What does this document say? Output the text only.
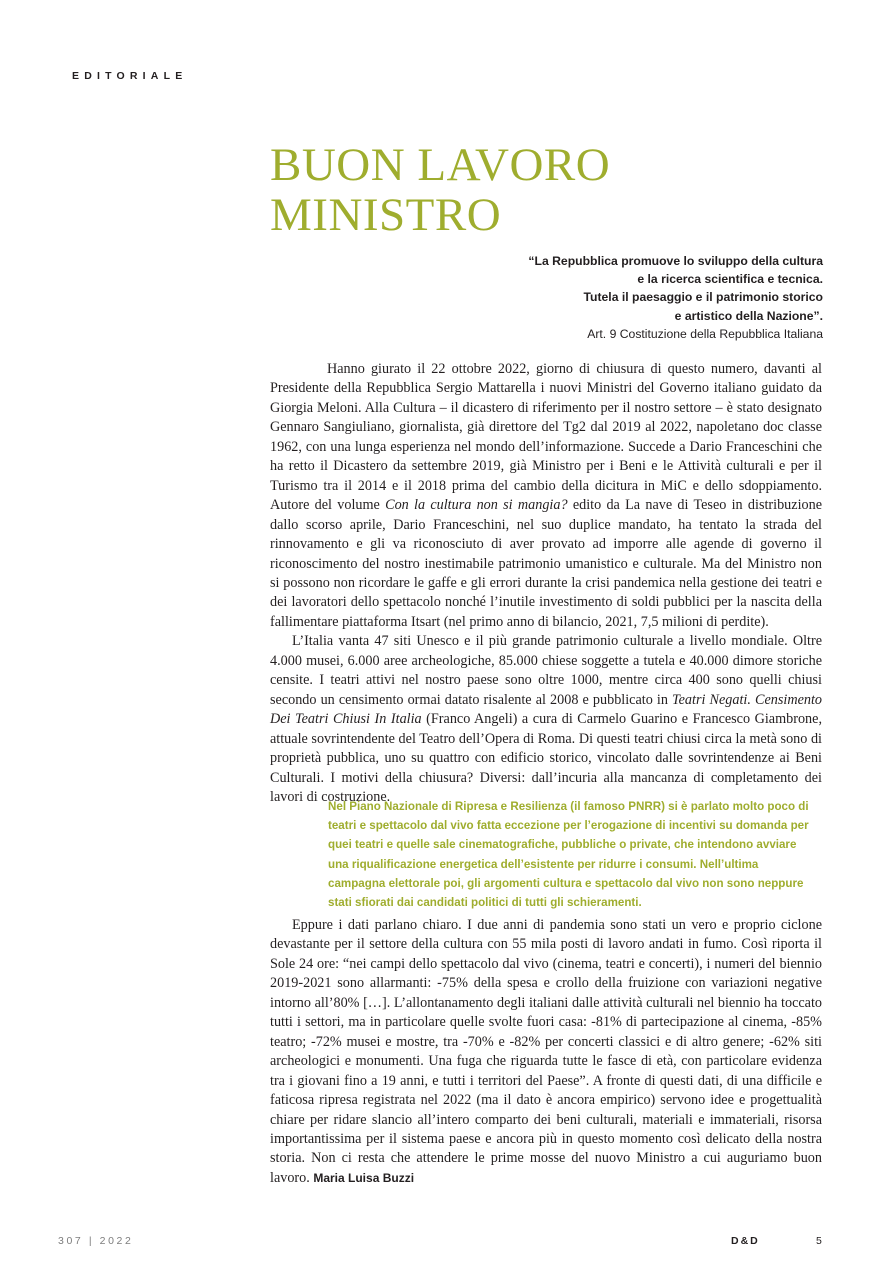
EDITORIALE
BUON LAVORO
MINISTRO
“La Repubblica promuove lo sviluppo della cultura
e la ricerca scientifica e tecnica.
Tutela il paesaggio e il patrimonio storico
e artistico della Nazione”.
Art. 9 Costituzione della Repubblica Italiana

Hanno giurato il 22 ottobre 2022, giorno di chiusura di questo numero, davanti al Presidente della Repubblica Sergio Mattarella i nuovi Ministri del Governo italiano guidato da Giorgia Meloni. Alla Cultura – il dicastero di riferimento per il nostro settore – è stato designato Gennaro Sangiuliano, giornalista, già direttore del Tg2 dal 2019 al 2022, napoletano doc classe 1962, con una lunga esperienza nel mondo dell’informazione. Succede a Dario Franceschini che ha retto il Dicastero da settembre 2019, già Ministro per i Beni e le Attività culturali e per il Turismo tra il 2014 e il 2018 prima del cambio della dicitura in MiC e dello sdoppiamento. Autore del volume Con la cultura non si mangia? edito da La nave di Teseo in distribuzione dallo scorso aprile, Dario Franceschini, nel suo duplice mandato, ha tentato la strada del rinnovamento e gli va riconosciuto di aver provato ad imporre alle agende di governo il riconoscimento del nostro inestimabile patrimonio umanistico e culturale. Ma del Ministro non si possono non ricordare le gaffe e gli errori durante la crisi pandemica nella gestione dei teatri e dei lavoratori dello spettacolo nonché l’inutile investimento di soldi pubblici per la nascita della fallimentare piattaforma Itsart (nel primo anno di bilancio, 2021, 7,5 milioni di perdite).

L’Italia vanta 47 siti Unesco e il più grande patrimonio culturale a livello mondiale. Oltre 4.000 musei, 6.000 aree archeologiche, 85.000 chiese soggette a tutela e 40.000 dimore storiche censite. I teatri attivi nel nostro paese sono oltre 1000, mentre circa 400 sono quelli chiusi secondo un censimento ormai datato risalente al 2008 e pubblicato in Teatri Negati. Censimento Dei Teatri Chiusi In Italia (Franco Angeli) a cura di Carmelo Guarino e Francesco Giambrone, attuale sovrintendente del Teatro dell’Opera di Roma. Di questi teatri chiusi circa la metà sono di proprietà pubblica, uno su quattro con edificio storico, vincolato dalle sovrintendenze ai Beni Culturali. I motivi della chiusura? Diversi: dall’incuria alla mancanza di completamento dei lavori di costruzione.

Nel Piano Nazionale di Ripresa e Resilienza (il famoso PNRR) si è parlato molto poco di teatri e spettacolo dal vivo fatta eccezione per l’erogazione di incentivi su domanda per quei teatri e quelle sale cinematografiche, pubbliche o private, che intendono avviare una riqualificazione energetica dell’esistente per ridurre i consumi. Nell’ultima campagna elettorale poi, gli argomenti cultura e spettacolo dal vivo non sono neppure stati sfiorati dai candidati politici di tutti gli schieramenti.

Eppure i dati parlano chiaro. I due anni di pandemia sono stati un vero e proprio ciclone devastante per il settore della cultura con 55 mila posti di lavoro andati in fumo. Così riporta il Sole 24 ore: “nei campi dello spettacolo dal vivo (cinema, teatri e concerti), i numeri del biennio 2019-2021 sono allarmanti: -75% della spesa e crollo della fruizione con variazioni negative intorno all’80% […]. L’allontanamento degli italiani dalle attività culturali nel biennio ha toccato tutti i settori, ma in particolare quelle svolte fuori casa: -81% di partecipazione al cinema, -85% teatro; -72% musei e mostre, tra -70% e -82% per concerti classici e di altro genere; -62% siti archeologici e monumenti. Una fuga che riguarda tutte le fasce di età, con particolare evidenza tra i giovani fino a 19 anni, e tutti i territori del Paese”. A fronte di questi dati, di una difficile e faticosa ripresa registrata nel 2022 (ma il dato è ancora empirico) servono idee e progettualità chiare per ridare slancio all’intero comparto dei beni culturali, materiali e immateriali, risorsa importantissima per il sistema paese e ancora più in questo momento così delicato della nostra storia. Non ci resta che attendere le prime mosse del nuovo Ministro a cui auguriamo buon lavoro. Maria Luisa Buzzi

307 | 2022	D&D	5
